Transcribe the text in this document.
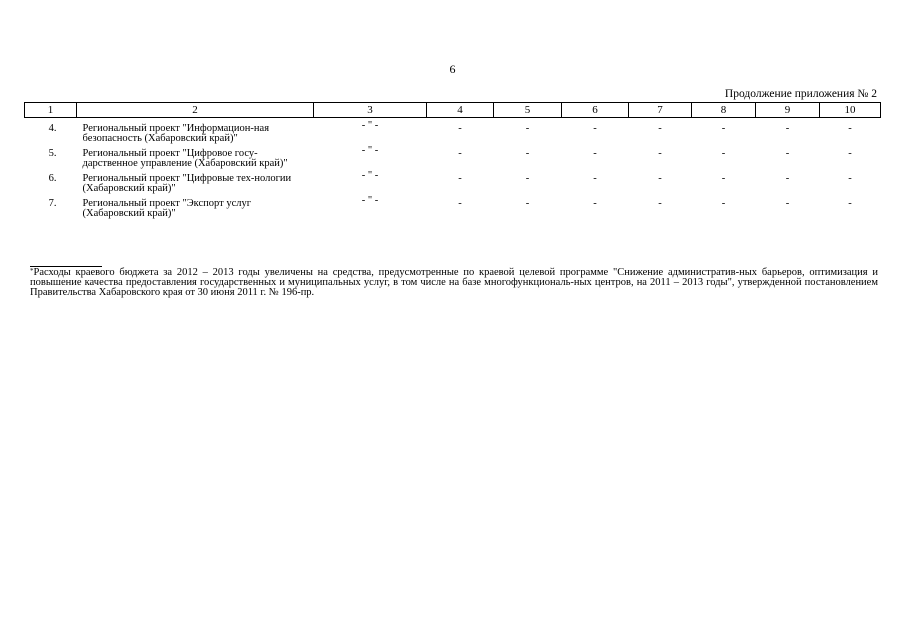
6
Продолжение приложения № 2
1	2	3	4	5	6	7	8	9	10
4.	Региональный проект "Информацион-ная безопасность (Хабаровский край)"	- " -	-	-	-	-	-	-	-
5.	Региональный проект "Цифровое госу-дарственное управление (Хабаровский край)"	- " -	-	-	-	-	-	-	-
6.	Региональный проект "Цифровые тех-нологии (Хабаровский край)"	- " -	-	-	-	-	-	-	-
7.	Региональный проект "Экспорт услуг (Хабаровский край)"	- " -	-	-	-	-	-	-	-
*Расходы краевого бюджета за 2012 – 2013 годы увеличены на средства, предусмотренные по краевой целевой программе "Снижение административ-ных барьеров, оптимизация и повышение качества предоставления государственных и муниципальных услуг, в том числе на базе многофункциональ-ных центров, на 2011 – 2013 годы", утвержденной постановлением Правительства Хабаровского края от 30 июня 2011 г. № 196-пр.
